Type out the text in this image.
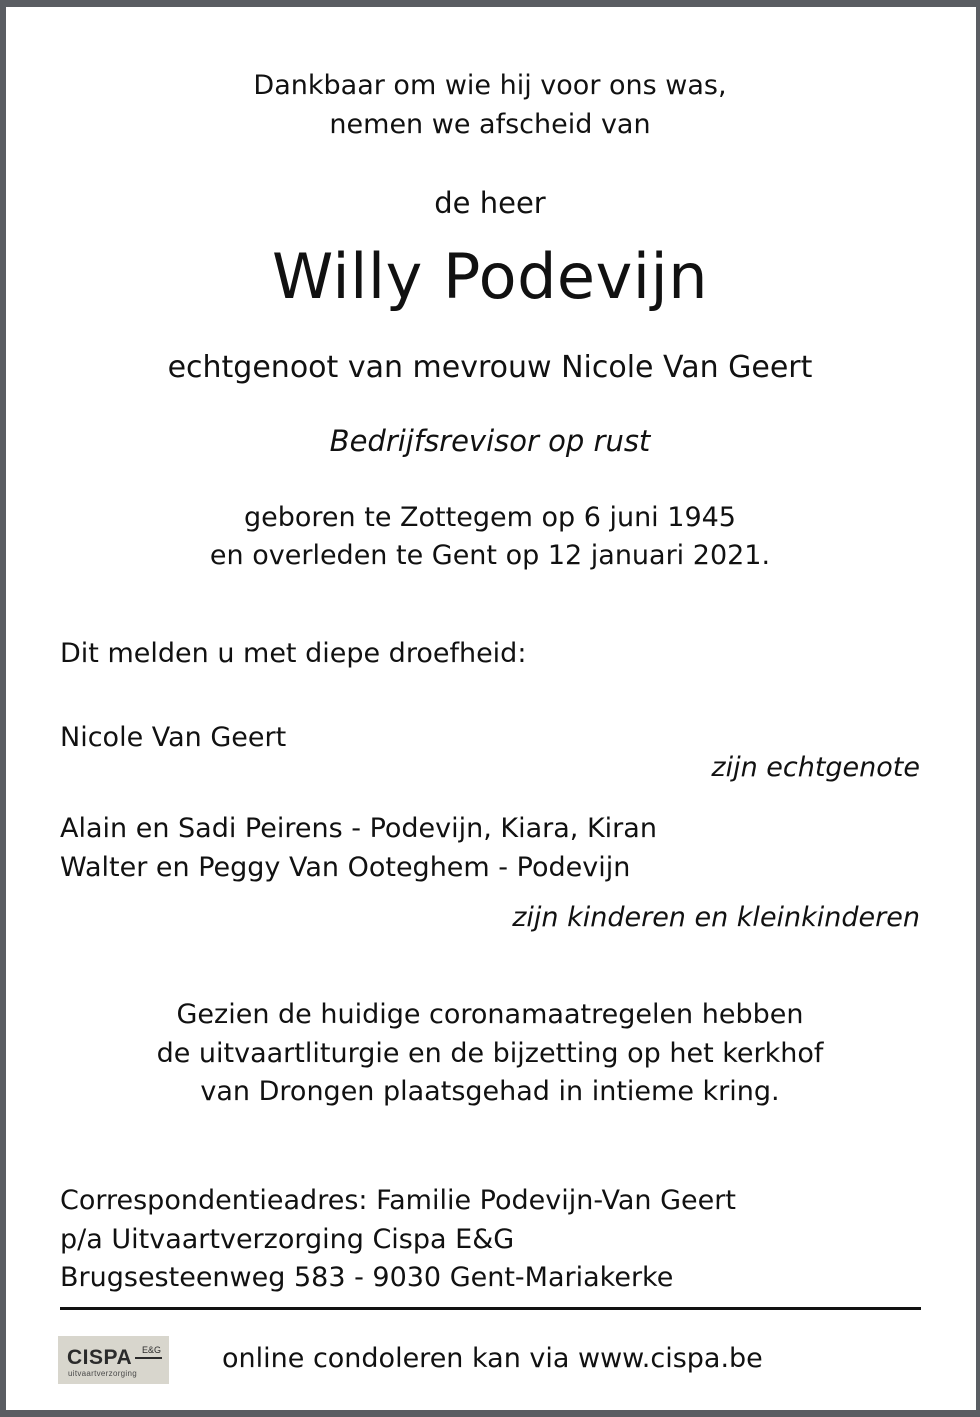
Dankbaar om wie hij voor ons was,
nemen we afscheid van
de heer
Willy Podevijn
echtgenoot van mevrouw Nicole Van Geert
Bedrijfsrevisor op rust
geboren te Zottegem op 6 juni 1945
en overleden te Gent op 12 januari 2021.
Dit melden u met diepe droefheid:
Nicole Van Geert
zijn echtgenote
Alain en Sadi Peirens - Podevijn, Kiara, Kiran
Walter en Peggy Van Ooteghem - Podevijn
zijn kinderen en kleinkinderen
Gezien de huidige coronamaatregelen hebben
de uitvaartliturgie en de bijzetting op het kerkhof
van Drongen plaatsgehad in intieme kring.
Correspondentieadres: Familie Podevijn-Van Geert
p/a Uitvaartverzorging Cispa E&G
Brugsesteenweg 583 - 9030 Gent-Mariakerke
CISPA E&G
uitvaartverzorging	online condoleren kan via www.cispa.be
